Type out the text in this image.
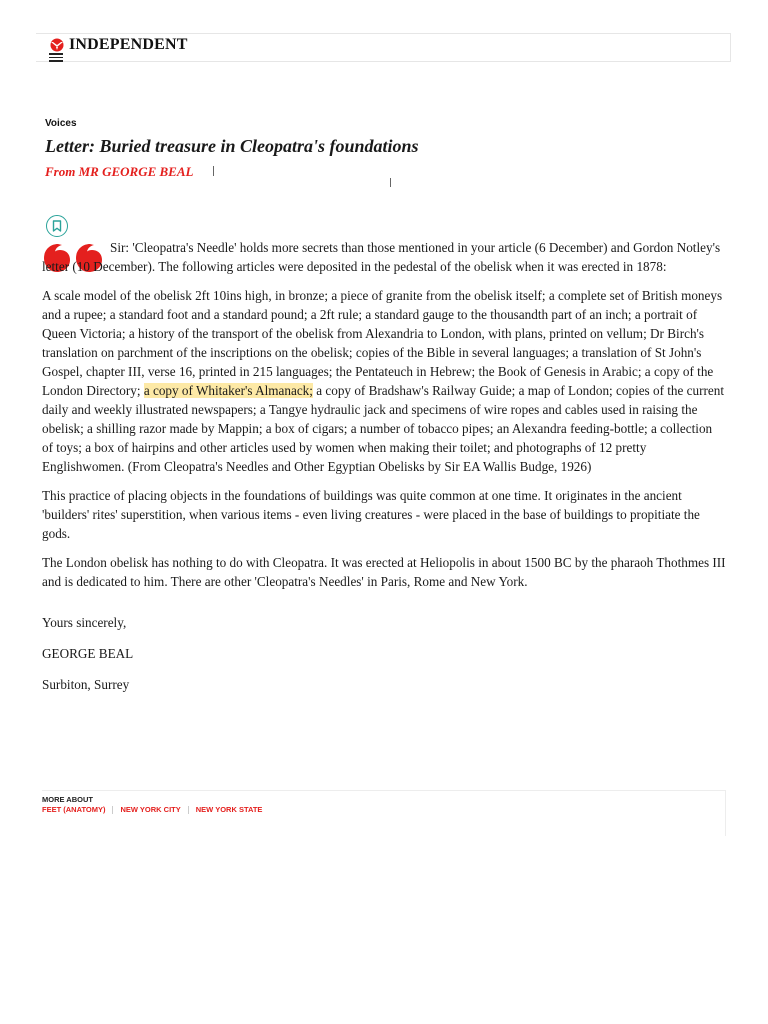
INDEPENDENT
Voices
Letter: Buried treasure in Cleopatra's foundations
From MR GEORGE BEAL

Sir: 'Cleopatra's Needle' holds more secrets than those mentioned in your article (6 December) and Gordon Notley's letter (10 December). The following articles were deposited in the pedestal of the obelisk when it was erected in 1878:

A scale model of the obelisk 2ft 10ins high, in bronze; a piece of granite from the obelisk itself; a complete set of British moneys and a rupee; a standard foot and a standard pound; a 2ft rule; a standard gauge to the thousandth part of an inch; a portrait of Queen Victoria; a history of the transport of the obelisk from Alexandria to London, with plans, printed on vellum; Dr Birch's translation on parchment of the inscriptions on the obelisk; copies of the Bible in several languages; a translation of St John's Gospel, chapter III, verse 16, printed in 215 languages; the Pentateuch in Hebrew; the Book of Genesis in Arabic; a copy of the London Directory; a copy of Whitaker's Almanack; a copy of Bradshaw's Railway Guide; a map of London; copies of the current daily and weekly illustrated newspapers; a Tangye hydraulic jack and specimens of wire ropes and cables used in raising the obelisk; a shilling razor made by Mappin; a box of cigars; a number of tobacco pipes; an Alexandra feeding-bottle; a collection of toys; a box of hairpins and other articles used by women when making their toilet; and photographs of 12 pretty Englishwomen. (From Cleopatra's Needles and Other Egyptian Obelisks by Sir EA Wallis Budge, 1926)

This practice of placing objects in the foundations of buildings was quite common at one time. It originates in the ancient 'builders' rites' superstition, when various items - even living creatures - were placed in the base of buildings to propitiate the gods.

The London obelisk has nothing to do with Cleopatra. It was erected at Heliopolis in about 1500 BC by the pharaoh Thothmes III and is dedicated to him. There are other 'Cleopatra's Needles' in Paris, Rome and New York.

Yours sincerely,

GEORGE BEAL

Surbiton, Surrey

MORE ABOUT
FEET (ANATOMY) NEW YORK CITY NEW YORK STATE
